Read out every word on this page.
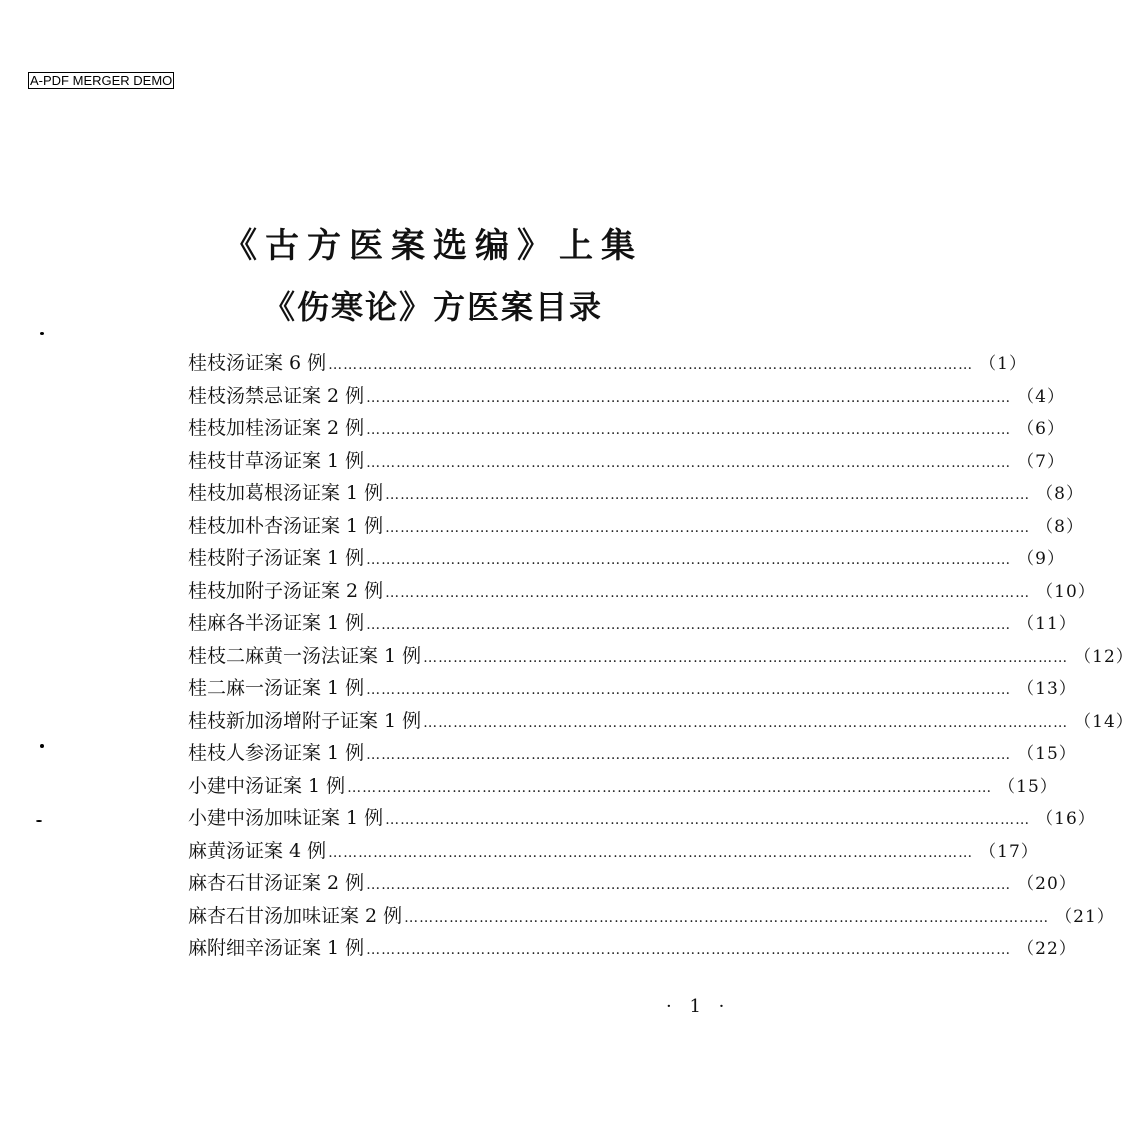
A-PDF MERGER DEMO
《古方医案选编》上集
《伤寒论》方医案目录
桂枝汤证案 6 例 ………………………………………………………………………………………………………………… （1）
桂枝汤禁忌证案 2 例 ………………………………………………………………………………………………………………… （4）
桂枝加桂汤证案 2 例 ………………………………………………………………………………………………………………… （6）
桂枝甘草汤证案 1 例 ………………………………………………………………………………………………………………… （7）
桂枝加葛根汤证案 1 例 ………………………………………………………………………………………………………………… （8）
桂枝加朴杏汤证案 1 例 ………………………………………………………………………………………………………………… （8）
桂枝附子汤证案 1 例 ………………………………………………………………………………………………………………… （9）
桂枝加附子汤证案 2 例 ………………………………………………………………………………………………………………… （10）
桂麻各半汤证案 1 例 ………………………………………………………………………………………………………………… （11）
桂枝二麻黄一汤法证案 1 例 ………………………………………………………………………………………………………………… （12）
桂二麻一汤证案 1 例 ………………………………………………………………………………………………………………… （13）
桂枝新加汤增附子证案 1 例 ………………………………………………………………………………………………………………… （14）
桂枝人参汤证案 1 例 ………………………………………………………………………………………………………………… （15）
小建中汤证案 1 例 ………………………………………………………………………………………………………………… （15）
小建中汤加味证案 1 例 ………………………………………………………………………………………………………………… （16）
麻黄汤证案 4 例 ………………………………………………………………………………………………………………… （17）
麻杏石甘汤证案 2 例 ………………………………………………………………………………………………………………… （20）
麻杏石甘汤加味证案 2 例 ………………………………………………………………………………………………………………… （21）
麻附细辛汤证案 1 例 ………………………………………………………………………………………………………………… （22）
· 1 ·
